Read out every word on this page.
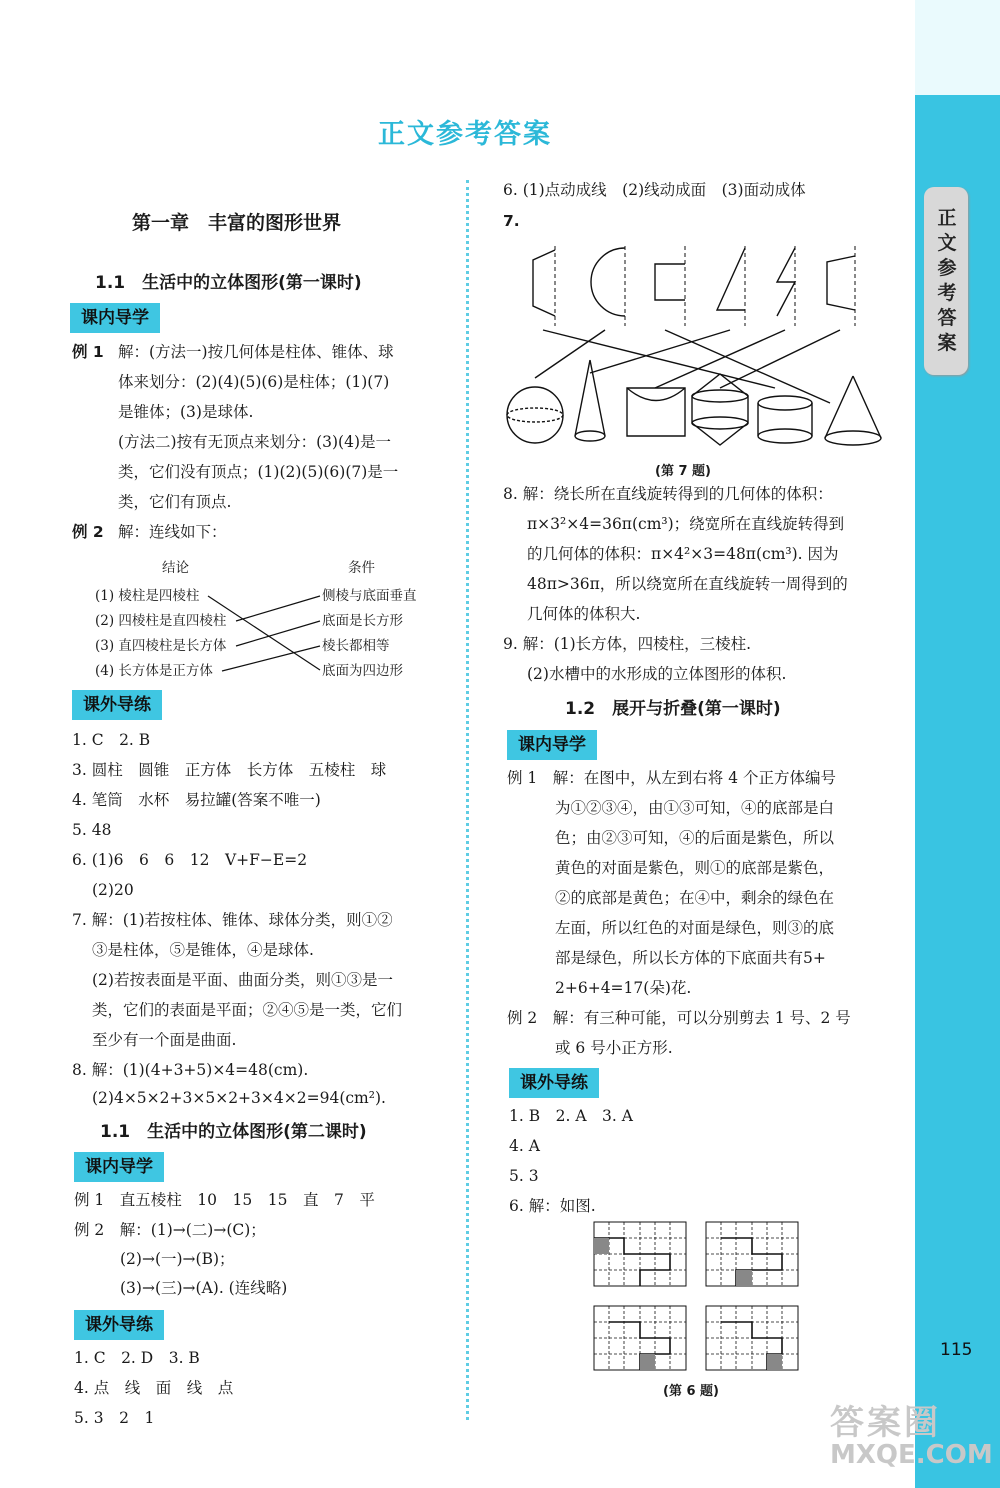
正文参考答案
115
答案圈
MXQE.COM
正文参考答案
第一章　丰富的图形世界
1.1　生活中的立体图形(第一课时)
课内导学
例 1 解：(方法一)按几何体是柱体、锥体、球
体来划分：(2)(4)(5)(6)是柱体；(1)(7)
是锥体；(3)是球体.
(方法二)按有无顶点来划分：(3)(4)是一
类，它们没有顶点；(1)(2)(5)(6)(7)是一
类，它们有顶点.
例 2 解：连线如下：
结论	条件
(1) 棱柱是四棱柱
(2) 四棱柱是直四棱柱
(3) 直四棱柱是长方体
(4) 长方体是正方体
侧棱与底面垂直
底面是长方形
棱长都相等
底面为四边形
课外导练
1. C　2. B
3. 圆柱　圆锥　正方体　长方体　五棱柱　球
4. 笔筒　水杯　易拉罐(答案不唯一)
5. 48
6. (1)6　6　6　12　V+F−E=2
(2)20
7. 解：(1)若按柱体、锥体、球体分类，则①②
③是柱体，⑤是锥体，④是球体.
(2)若按表面是平面、曲面分类，则①③是一
类，它们的表面是平面；②④⑤是一类，它们
至少有一个面是曲面.
8. 解：(1)(4+3+5)×4=48(cm).
(2)4×5×2+3×5×2+3×4×2=94(cm²).
1.1　生活中的立体图形(第二课时)
课内导学
例 1　直五棱柱　10　15　15　直　7　平
例 2　解：(1)→(二)→(C)；
(2)→(一)→(B)；
(3)→(三)→(A). (连线略)
课外导练
1. C　2. D　3. B
4. 点　线　面　线　点
5. 3　2　1
6. (1)点动成线　(2)线动成面　(3)面动成体
7.
(第 7 题)
8. 解：绕长所在直线旋转得到的几何体的体积：
π×3²×4=36π(cm³)；绕宽所在直线旋转得到
的几何体的体积：π×4²×3=48π(cm³). 因为
48π>36π，所以绕宽所在直线旋转一周得到的
几何体的体积大.
9. 解：(1)长方体，四棱柱，三棱柱.
(2)水槽中的水形成的立体图形的体积.
1.2　展开与折叠(第一课时)
课内导学
例 1　解：在图中，从左到右将 4 个正方体编号
为①②③④，由①③可知，④的底部是白
色；由②③可知，④的后面是紫色，所以
黄色的对面是紫色，则①的底部是紫色，
②的底部是黄色；在④中，剩余的绿色在
左面，所以红色的对面是绿色，则③的底
部是绿色，所以长方体的下底面共有5+
2+6+4=17(朵)花.
例 2　解：有三种可能，可以分别剪去 1 号、2 号
或 6 号小正方形.
课外导练
1. B　2. A　3. A
4. A
5. 3
6. 解：如图.
(第 6 题)
